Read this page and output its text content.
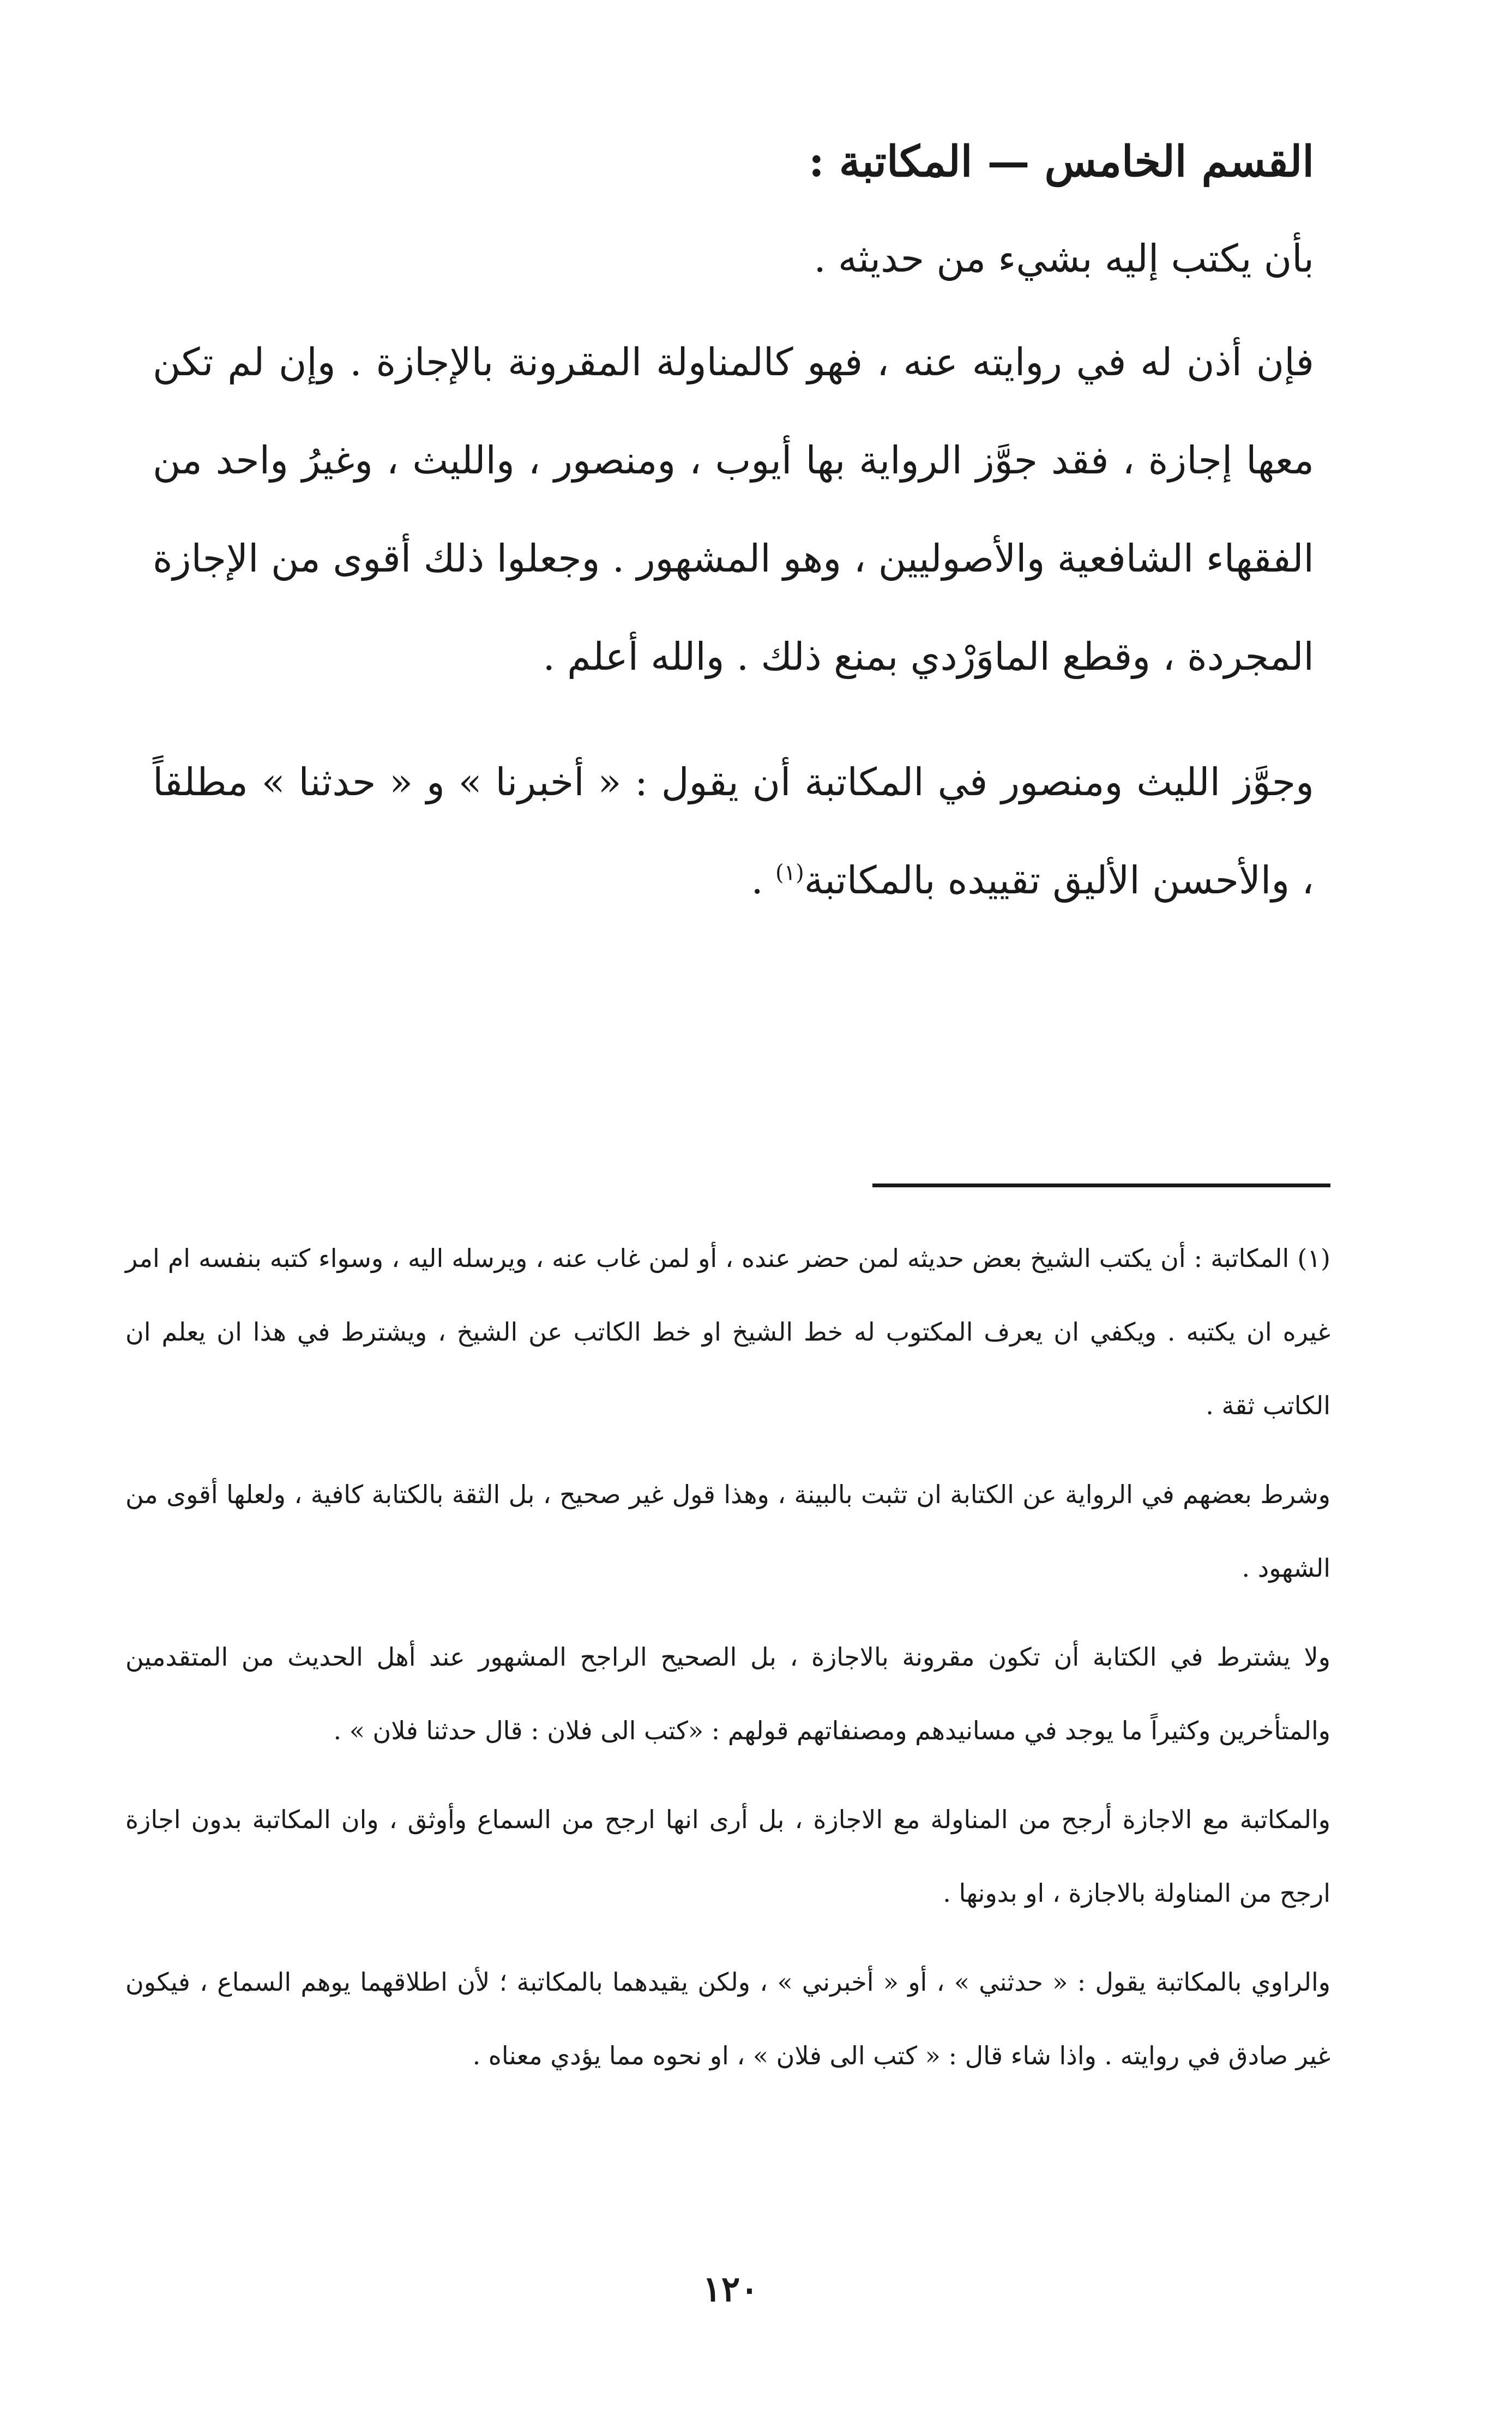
القسم الخامس — المكاتبة :
بأن يكتب إليه بشيء من حديثه .

فإن أذن له في روايته عنه ، فهو كالمناولة المقرونة بالإجازة . وإن لم تكن معها إجازة ، فقد جوَّز الرواية بها أيوب ، ومنصور ، والليث ، وغيرُ واحد من الفقهاء الشافعية والأصوليين ، وهو المشهور . وجعلوا ذلك أقوى من الإجازة المجردة ، وقطع الماوَرْدي بمنع ذلك . والله أعلم .

وجوَّز الليث ومنصور في المكاتبة أن يقول : « أخبرنا » و « حدثنا » مطلقاً ، والأحسن الأليق تقييده بالمكاتبة$^{(١)}$ .

(١) المكاتبة : أن يكتب الشيخ بعض حديثه لمن حضر عنده ، أو لمن غاب عنه ، ويرسله اليه ، وسواء كتبه بنفسه ام امر غيره ان يكتبه . ويكفي ان يعرف المكتوب له خط الشيخ او خط الكاتب عن الشيخ ، ويشترط في هذا ان يعلم ان الكاتب ثقة .

وشرط بعضهم في الرواية عن الكتابة ان تثبت بالبينة ، وهذا قول غير صحيح ، بل الثقة بالكتابة كافية ، ولعلها أقوى من الشهود .

ولا يشترط في الكتابة أن تكون مقرونة بالاجازة ، بل الصحيح الراجح المشهور عند أهل الحديث من المتقدمين والمتأخرين وكثيراً ما يوجد في مسانيدهم ومصنفاتهم قولهم : «كتب الى فلان : قال حدثنا فلان » .

والمكاتبة مع الاجازة أرجح من المناولة مع الاجازة ، بل أرى انها ارجح من السماع وأوثق ، وان المكاتبة بدون اجازة ارجح من المناولة بالاجازة ، او بدونها .

والراوي بالمكاتبة يقول : « حدثني » ، أو « أخبرني » ، ولكن يقيدهما بالمكاتبة ؛ لأن اطلاقهما يوهم السماع ، فيكون غير صادق في روايته . واذا شاء قال : « كتب الى فلان » ، او نحوه مما يؤدي معناه .

١٢٠
